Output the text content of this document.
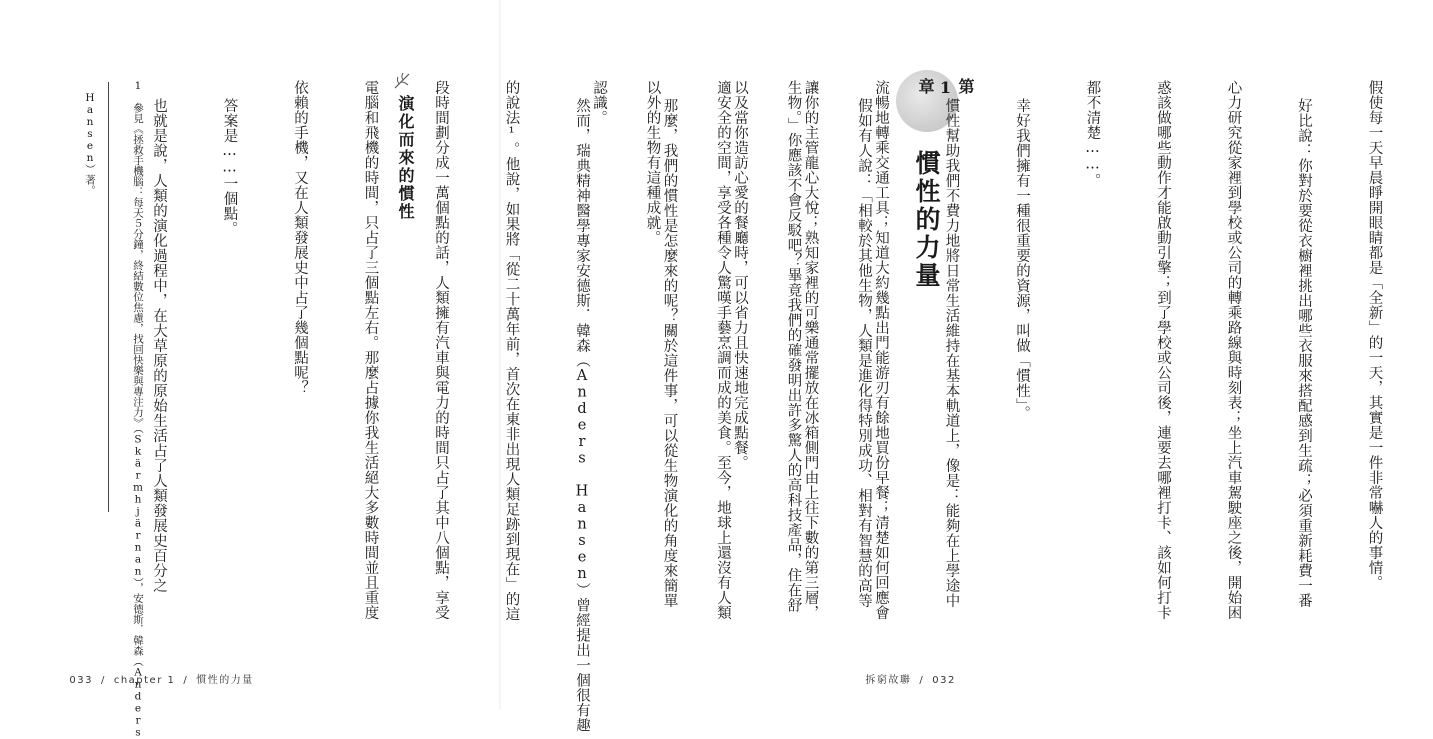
第
1
章
慣性的力量

	假使每一天早晨睜開眼睛都是「全新」的一天，其實是一件非常嚇人的事情。

好比說：你對於要從衣櫥裡挑出哪些衣服來搭配感到生疏；必須重新耗費一番

心力研究從家裡到學校或公司的轉乘路線與時刻表；坐上汽車駕駛座之後，開始困

惑該做哪些動作才能啟動引擎；到了學校或公司後，連要去哪裡打卡、該如何打卡

都不清楚……。

幸好我們擁有一種很重要的資源，叫做「慣性」。

慣性幫助我們不費力地將日常生活維持在基本軌道上，像是：能夠在上學途中

流暢地轉乘交通工具；知道大約幾點出門能游刃有餘地買份早餐；清楚如何回應會

讓你的主管龍心大悅；熟知家裡的可樂通常擺放在冰箱側門由上往下數的第三層，

以及當你造訪心愛的餐廳時，可以省力且快速地完成點餐。

那麼，我們的慣性是怎麼來的呢？關於這件事，可以從生物演化的角度來簡單

認識。

演化而來的慣性

	假如有人說：「相較於其他生物，人類是進化得特別成功、相對有智慧的高等

生物。」你應該不會反駁吧？畢竟我們的確發明出許多驚人的高科技產品，住在舒

適安全的空間，享受各種令人驚嘆手藝烹調而成的美食。至今，地球上還沒有人類

以外的生物有這種成就。

然而，瑞典精神醫學專家安德斯．韓森（Anders Hansen）曾經提出一個很有趣

的說法¹。他說，如果將「從二十萬年前，首次在東非出現人類足跡到現在」的這

段時間劃分成一萬個點的話，人類擁有汽車與電力的時間只占了其中八個點，享受

電腦和飛機的時間，只占了三個點左右。那麼占據你我生活絕大多數時間並且重度

依賴的手機，又在人類發展史中占了幾個點呢？

答案是……一個點。

也就是說，人類的演化過程中，在大草原的原始生活占了人類發展史百分之

1　參見《拯救手機腦：每天５分鐘，終結數位焦慮，找回快樂與專注力》（Skärmhjärnan），安德斯．韓森（Anders

Hansen）著。

033 / chapter 1 / 慣性的力量	拆窮故聯 / 032
